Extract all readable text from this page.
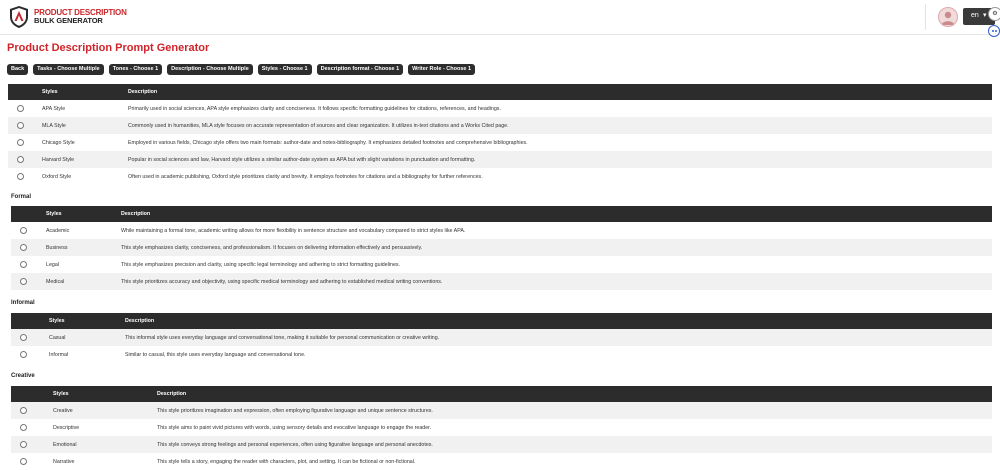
PRODUCT DESCRIPTION
BULK GENERATOR
en ▾ ⚙
Product Description Prompt Generator
Back	Tasks - Choose Multiple	Tones - Choose 1	Description - Choose Multiple	Styles - Choose 1	Description format - Choose 1	Writer Role - Choose 1
	Styles	Description
	APA Style	Primarily used in social sciences, APA style emphasizes clarity and conciseness. It follows specific formatting guidelines for citations, references, and headings.
	MLA Style	Commonly used in humanities, MLA style focuses on accurate representation of sources and clear organization. It utilizes in-text citations and a Works Cited page.
	Chicago Style	Employed in various fields, Chicago style offers two main formats: author-date and notes-bibliography. It emphasizes detailed footnotes and comprehensive bibliographies.
	Harvard Style	Popular in social sciences and law, Harvard style utilizes a similar author-date system as APA but with slight variations in punctuation and formatting.
	Oxford Style	Often used in academic publishing, Oxford style prioritizes clarity and brevity. It employs footnotes for citations and a bibliography for further references.
Formal
	Styles	Description
	Academic	While maintaining a formal tone, academic writing allows for more flexibility in sentence structure and vocabulary compared to strict styles like APA.
	Business	This style emphasizes clarity, conciseness, and professionalism. It focuses on delivering information effectively and persuasively.
	Legal	This style emphasizes precision and clarity, using specific legal terminology and adhering to strict formatting guidelines.
	Medical	This style prioritizes accuracy and objectivity, using specific medical terminology and adhering to established medical writing conventions.
Informal
	Styles	Description
	Casual	This informal style uses everyday language and conversational tone, making it suitable for personal communication or creative writing.
	Informal	Similar to casual, this style uses everyday language and conversational tone.
Creative
	Styles	Description
	Creative	This style prioritizes imagination and expression, often employing figurative language and unique sentence structures.
	Descriptive	This style aims to paint vivid pictures with words, using sensory details and evocative language to engage the reader.
	Emotional	This style conveys strong feelings and personal experiences, often using figurative language and personal anecdotes.
	Narrative	This style tells a story, engaging the reader with characters, plot, and setting. It can be fictional or non-fictional.
